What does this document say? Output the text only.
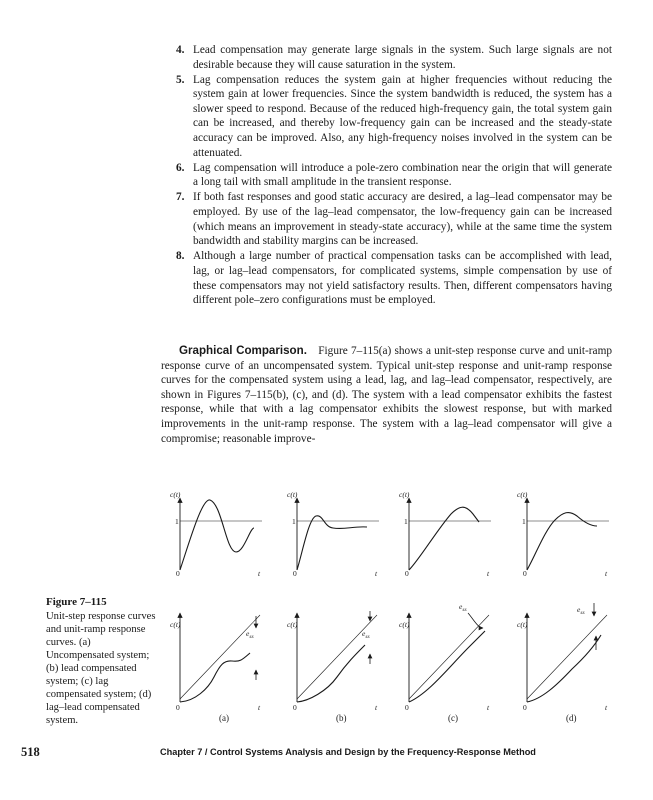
4. Lead compensation may generate large signals in the system. Such large signals are not desirable because they will cause saturation in the system.
5. Lag compensation reduces the system gain at higher frequencies without reducing the system gain at lower frequencies. Since the system bandwidth is reduced, the system has a slower speed to respond. Because of the reduced high-frequency gain, the total system gain can be increased, and thereby low-frequency gain can be increased and the steady-state accuracy can be improved. Also, any high-frequency noises involved in the system can be attenuated.
6. Lag compensation will introduce a pole-zero combination near the origin that will generate a long tail with small amplitude in the transient response.
7. If both fast responses and good static accuracy are desired, a lag–lead compensator may be employed. By use of the lag–lead compensator, the low-frequency gain can be increased (which means an improvement in steady-state accuracy), while at the same time the system bandwidth and stability margins can be increased.
8. Although a large number of practical compensation tasks can be accomplished with lead, lag, or lag–lead compensators, for complicated systems, simple compensation by use of these compensators may not yield satisfactory results. Then, different compensators having different pole–zero configurations must be employed.

Graphical Comparison.  Figure 7–115(a) shows a unit-step response curve and unit-ramp response curve of an uncompensated system. Typical unit-step response and unit-ramp response curves for the compensated system using a lead, lag, and lag–lead compensator, respectively, are shown in Figures 7–115(b), (c), and (d). The system with a lead compensator exhibits the fastest response, while that with a lag compensator exhibits the slowest response, but with marked improvements in the unit-ramp response. The system with a lag–lead compensator will give a compromise; reasonable improve-

c(t)
1
0	t
c(t)
0	t
(a)
c(t)
1
0	t
c(t)
0	t
(b)
c(t)
1
0	t
c(t)
0	t
(c)
c(t)
1
0	t
c(t)
0	t
(d)
$e_{ss}$	$e_{ss}$
$e_{ss}$	$e_{ss}$

Figure 7–115

Unit-step response curves and unit-ramp response curves. (a) Uncompensated system; (b) lead compensated system; (c) lag compensated system; (d) lag–lead compensated system.

518	Chapter 7 / Control Systems Analysis and Design by the Frequency-Response Method
